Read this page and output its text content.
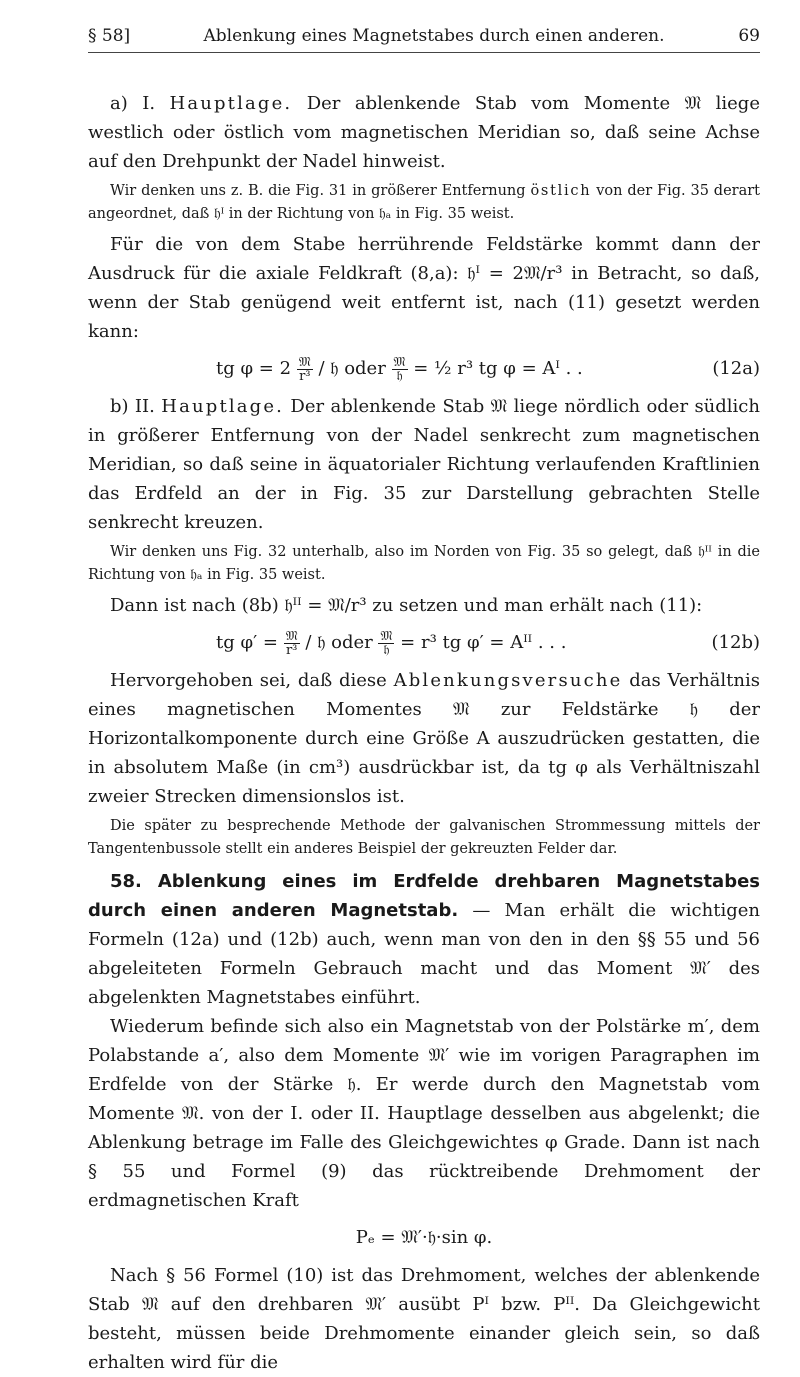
§ 58]	Ablenkung eines Magnetstabes durch einen anderen.	69

a) I. Hauptlage. Der ablenkende Stab vom Momente 𝔐 liege westlich oder östlich vom magnetischen Meridian so, daß seine Achse auf den Drehpunkt der Nadel hinweist.

Wir denken uns z. B. die Fig. 31 in größerer Entfernung östlich von der Fig. 35 derart angeordnet, daß 𝔥ᴵ in der Richtung von 𝔥ₐ in Fig. 35 weist.

Für die von dem Stabe herrührende Feldstärke kommt dann der Ausdruck für die axiale Feldkraft (8,a): 𝔥ᴵ = 2𝔐/r³ in Betracht, so daß, wenn der Stab genügend weit entfernt ist, nach (11) gesetzt werden kann:

tg $\varphi = 2 \frac{\text{𝔐}}{\text{r³}}$ / 𝔥 oder $\frac{\text{𝔐}}{\text{𝔥}}$ = ½ r³ tg φ = Aᴵ . .	(12a)

b) II. Hauptlage. Der ablenkende Stab 𝔐 liege nördlich oder südlich in größerer Entfernung von der Nadel senkrecht zum magnetischen Meridian, so daß seine in äquatorialer Richtung verlaufenden Kraftlinien das Erdfeld an der in Fig. 35 zur Darstellung gebrachten Stelle senkrecht kreuzen.

Wir denken uns Fig. 32 unterhalb, also im Norden von Fig. 35 so gelegt, daß 𝔥ᴵᴵ in die Richtung von 𝔥ₐ in Fig. 35 weist.

Dann ist nach (8b) 𝔥ᴵᴵ = 𝔐/r³ zu setzen und man erhält nach (11):

tg $\varphi' = \frac{\text{𝔐}}{\text{r³}}$ / 𝔥 oder $\frac{\text{𝔐}}{\text{𝔥}} = r^3$ tg φ′ = Aᴵᴵ . . .	(12b)

Hervorgehoben sei, daß diese Ablenkungsversuche das Verhältnis eines magnetischen Momentes 𝔐 zur Feldstärke 𝔥 der Horizontalkomponente durch eine Größe A auszudrücken gestatten, die in absolutem Maße (in cm³) ausdrückbar ist, da tg φ als Verhältniszahl zweier Strecken dimensionslos ist.

Die später zu besprechende Methode der galvanischen Strommessung mittels der Tangentenbussole stellt ein anderes Beispiel der gekreuzten Felder dar.

58. Ablenkung eines im Erdfelde drehbaren Magnetstabes durch einen anderen Magnetstab. — Man erhält die wichtigen Formeln (12a) und (12b) auch, wenn man von den in den §§ 55 und 56 abgeleiteten Formeln Gebrauch macht und das Moment 𝔐′ des abgelenkten Magnetstabes einführt.

Wiederum befinde sich also ein Magnetstab von der Polstärke m′, dem Polabstande a′, also dem Momente 𝔐′ wie im vorigen Paragraphen im Erdfelde von der Stärke 𝔥. Er werde durch den Magnetstab vom Momente 𝔐. von der I. oder II. Hauptlage desselben aus abgelenkt; die Ablenkung betrage im Falle des Gleichgewichtes φ Grade. Dann ist nach § 55 und Formel (9) das rücktreibende Drehmoment der erdmagnetischen Kraft

Pₑ = 𝔐′·𝔥·sin φ.

Nach § 56 Formel (10) ist das Drehmoment, welches der ablenkende Stab 𝔐 auf den drehbaren 𝔐′ ausübt Pᴵ bzw. Pᴵᴵ. Da Gleichgewicht besteht, müssen beide Drehmomente einander gleich sein, so daß erhalten wird für die
